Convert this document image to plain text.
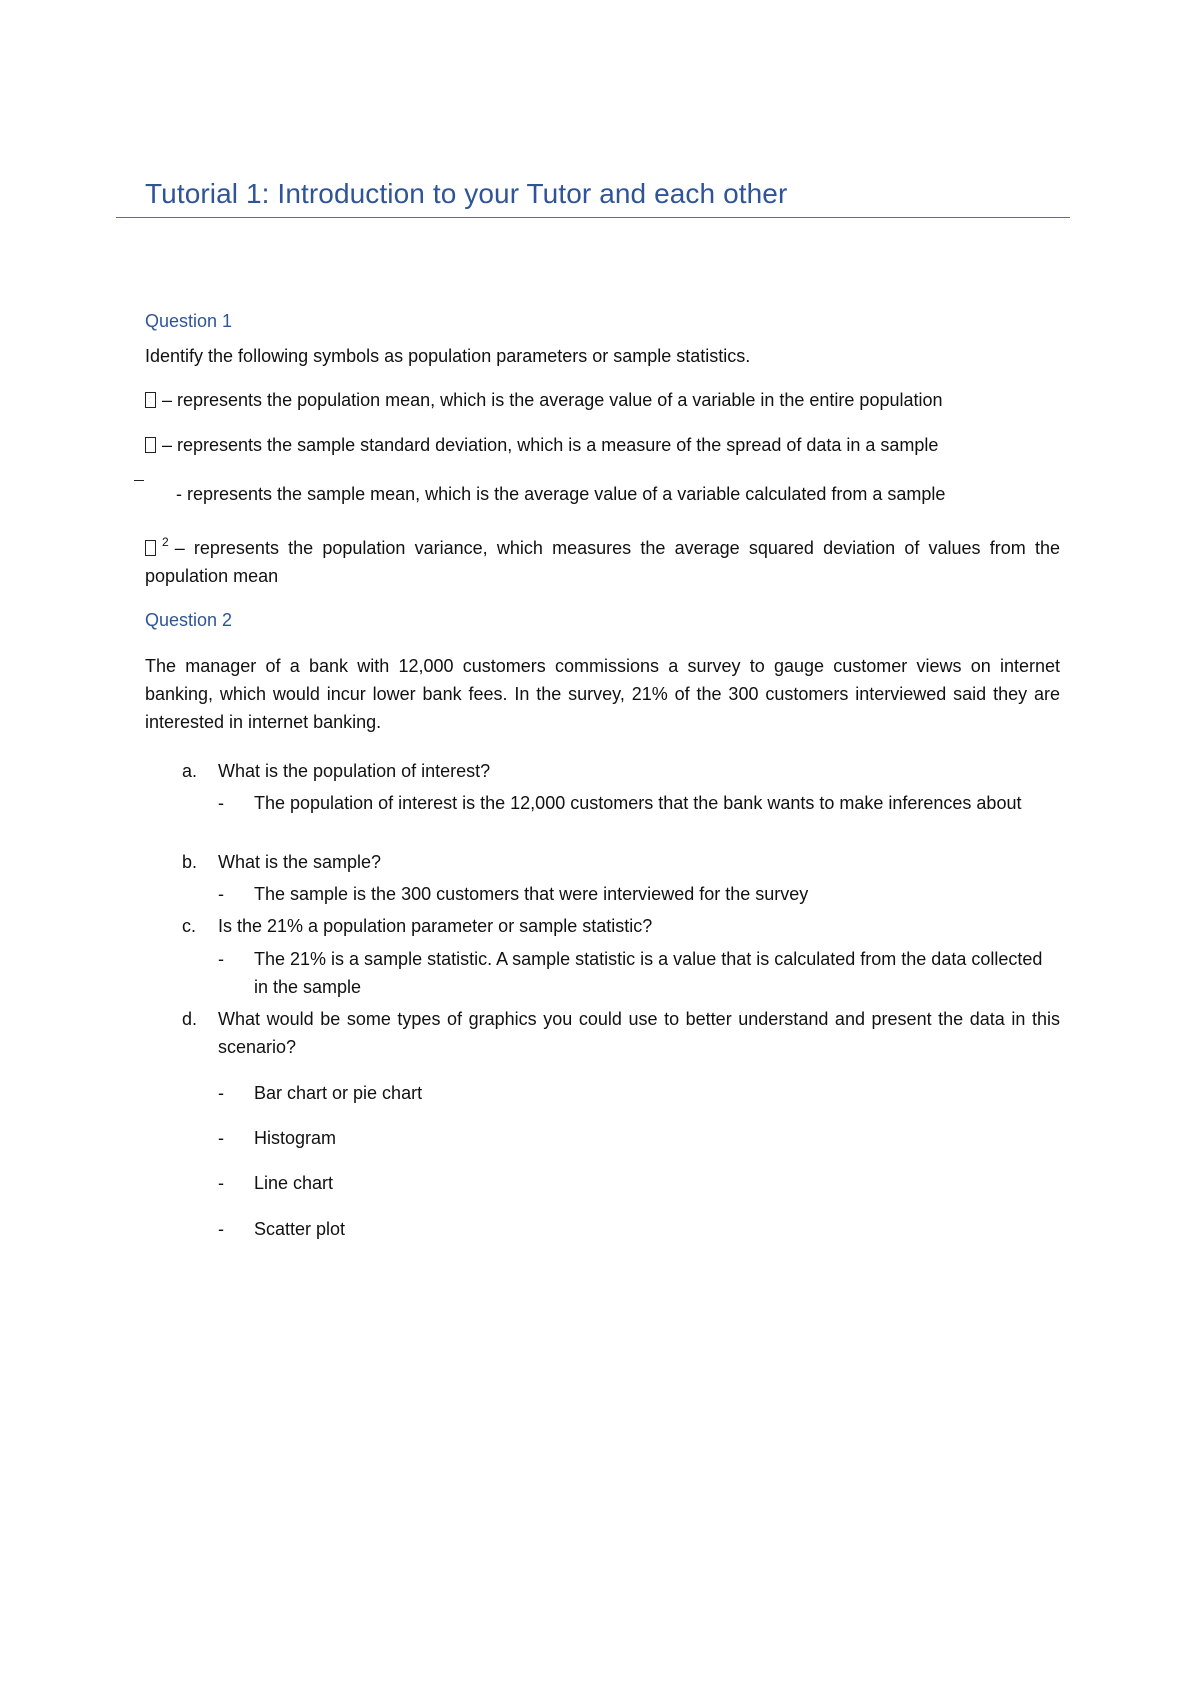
Tutorial 1: Introduction to your Tutor and each other
Question 1
Identify the following symbols as population parameters or sample statistics.
– represents the population mean, which is the average value of a variable in the entire population
– represents the sample standard deviation, which is a measure of the spread of data in a sample
- represents the sample mean, which is the average value of a variable calculated from a sample
$^2$ – represents the population variance, which measures the average squared deviation of values from the population mean
Question 2
The manager of a bank with 12,000 customers commissions a survey to gauge customer views on internet banking, which would incur lower bank fees. In the survey, 21% of the 300 customers interviewed said they are interested in internet banking.
a. What is the population of interest?
- The population of interest is the 12,000 customers that the bank wants to make inferences about
b. What is the sample?
- The sample is the 300 customers that were interviewed for the survey
c. Is the 21% a population parameter or sample statistic?
- The 21% is a sample statistic. A sample statistic is a value that is calculated from the data collected in the sample
d. What would be some types of graphics you could use to better understand and present the data in this scenario?
- Bar chart or pie chart
- Histogram
- Line chart
- Scatter plot
